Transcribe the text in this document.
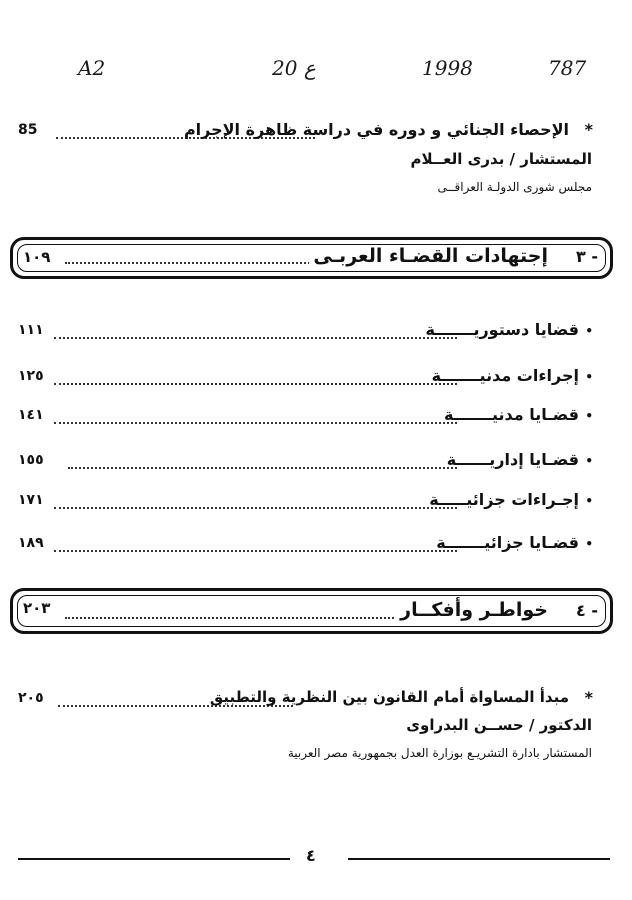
A2	20 ع	1998	787
85	الإحصاء الجنائي و دوره في دراسة ظاهرة الإجرام *
المستشار / بدرى العــلام
مجلس شورى الدولـة العراقــى
١٠٩	إجتهادات القضـاء العربـى ٣ -
١١١	قضايا دستوريـــــــة •
١٢٥	إجراءات مدنيـــــــة •
١٤١	قضـايا مدنيـــــــة •
١٥٥	قضـايا إداريــــــة •
١٧١	إجـراءات جزائيـــــة •
١٨٩	قضـايا جزائيـــــــة •
٢٠٣	خواطـر وأفكــار ٤ -
٢٠٥	مبدأ المساواة أمام القانون بين النظرية والتطبيق *
الدكتور / حســن البدراوى
المستشار بادارة التشريـع بوزارة العدل بجمهورية مصر العربية
٤
